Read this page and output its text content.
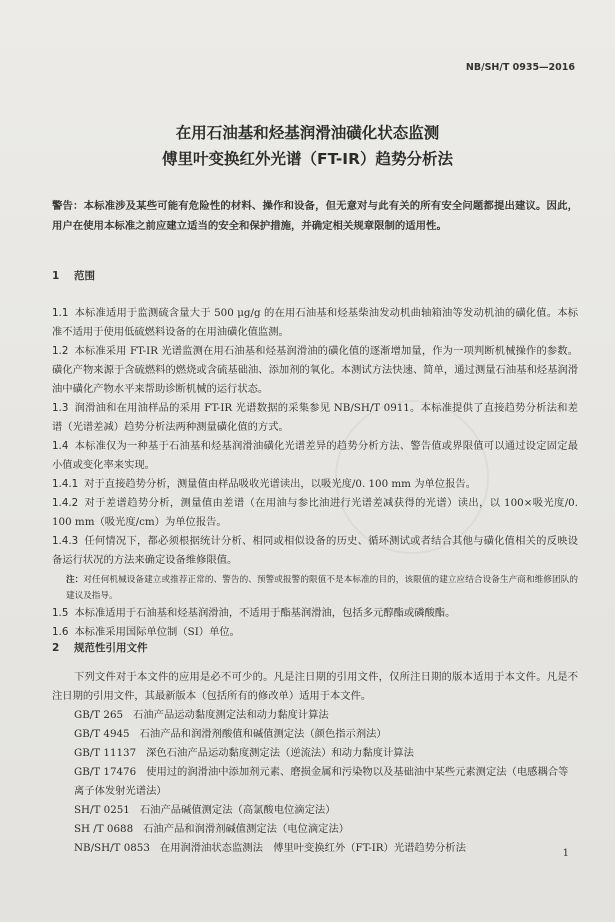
NB/SH/T 0935—2016
在用石油基和烃基润滑油磺化状态监测
傅里叶变换红外光谱（FT-IR）趋势分析法
警告：本标准涉及某些可能有危险性的材料、操作和设备，但无意对与此有关的所有安全问题都提出建议。因此，用户在使用本标准之前应建立适当的安全和保护措施，并确定相关规章限制的适用性。
1 范围

1.1 本标准适用于监测硫含量大于 500 μg/g 的在用石油基和烃基柴油发动机曲轴箱油等发动机油的磺化值。本标准不适用于使用低硫燃料设备的在用油磺化值监测。

1.2 本标准采用 FT-IR 光谱监测在用石油基和烃基润滑油的磺化值的逐渐增加量，作为一项判断机械操作的参数。磺化产物来源于含硫燃料的燃烧或含硫基础油、添加剂的氧化。本测试方法快速、简单，通过测量石油基和烃基润滑油中磺化产物水平来帮助诊断机械的运行状态。

1.3 润滑油和在用油样品的采用 FT-IR 光谱数据的采集参见 NB/SH/T 0911。本标准提供了直接趋势分析法和差谱（光谱差减）趋势分析法两种测量磺化值的方式。

1.4 本标准仅为一种基于石油基和烃基润滑油磺化光谱差异的趋势分析方法、警告值或界限值可以通过设定固定最小值或变化率来实现。

1.4.1 对于直接趋势分析，测量值由样品吸收光谱读出，以吸光度/0. 100 mm 为单位报告。

1.4.2 对于差谱趋势分析，测量值由差谱（在用油与参比油进行光谱差减获得的光谱）读出，以 100×吸光度/0. 100 mm（吸光度/cm）为单位报告。

1.4.3 任何情况下，都必须根据统计分析、相同或相似设备的历史、循环测试或者结合其他与磺化值相关的反映设备运行状况的方法来确定设备维修限值。

注：对任何机械设备建立或推荐正常的、警告的、预警或报警的限值不是本标准的目的，该限值的建立应结合设备生产商和维修团队的建议及指导。

1.5 本标准适用于石油基和烃基润滑油，不适用于酯基润滑油，包括多元醇酯或磷酸酯。

1.6 本标准采用国际单位制（SI）单位。

2 规范性引用文件

下列文件对于本文件的应用是必不可少的。凡是注日期的引用文件，仅所注日期的版本适用于本文件。凡是不注日期的引用文件，其最新版本（包括所有的修改单）适用于本文件。

GB/T 265 石油产品运动黏度测定法和动力黏度计算法

GB/T 4945 石油产品和润滑剂酸值和碱值测定法（颜色指示剂法）

GB/T 11137 深色石油产品运动黏度测定法（逆流法）和动力黏度计算法

GB/T 17476 使用过的润滑油中添加剂元素、磨损金属和污染物以及基础油中某些元素测定法（电感耦合等离子体发射光谱法）

SH/T 0251 石油产品碱值测定法（高氯酸电位滴定法）

SH /T 0688 石油产品和润滑剂碱值测定法（电位滴定法）

NB/SH/T 0853 在用润滑油状态监测法　傅里叶变换红外（FT-IR）光谱趋势分析法	1
